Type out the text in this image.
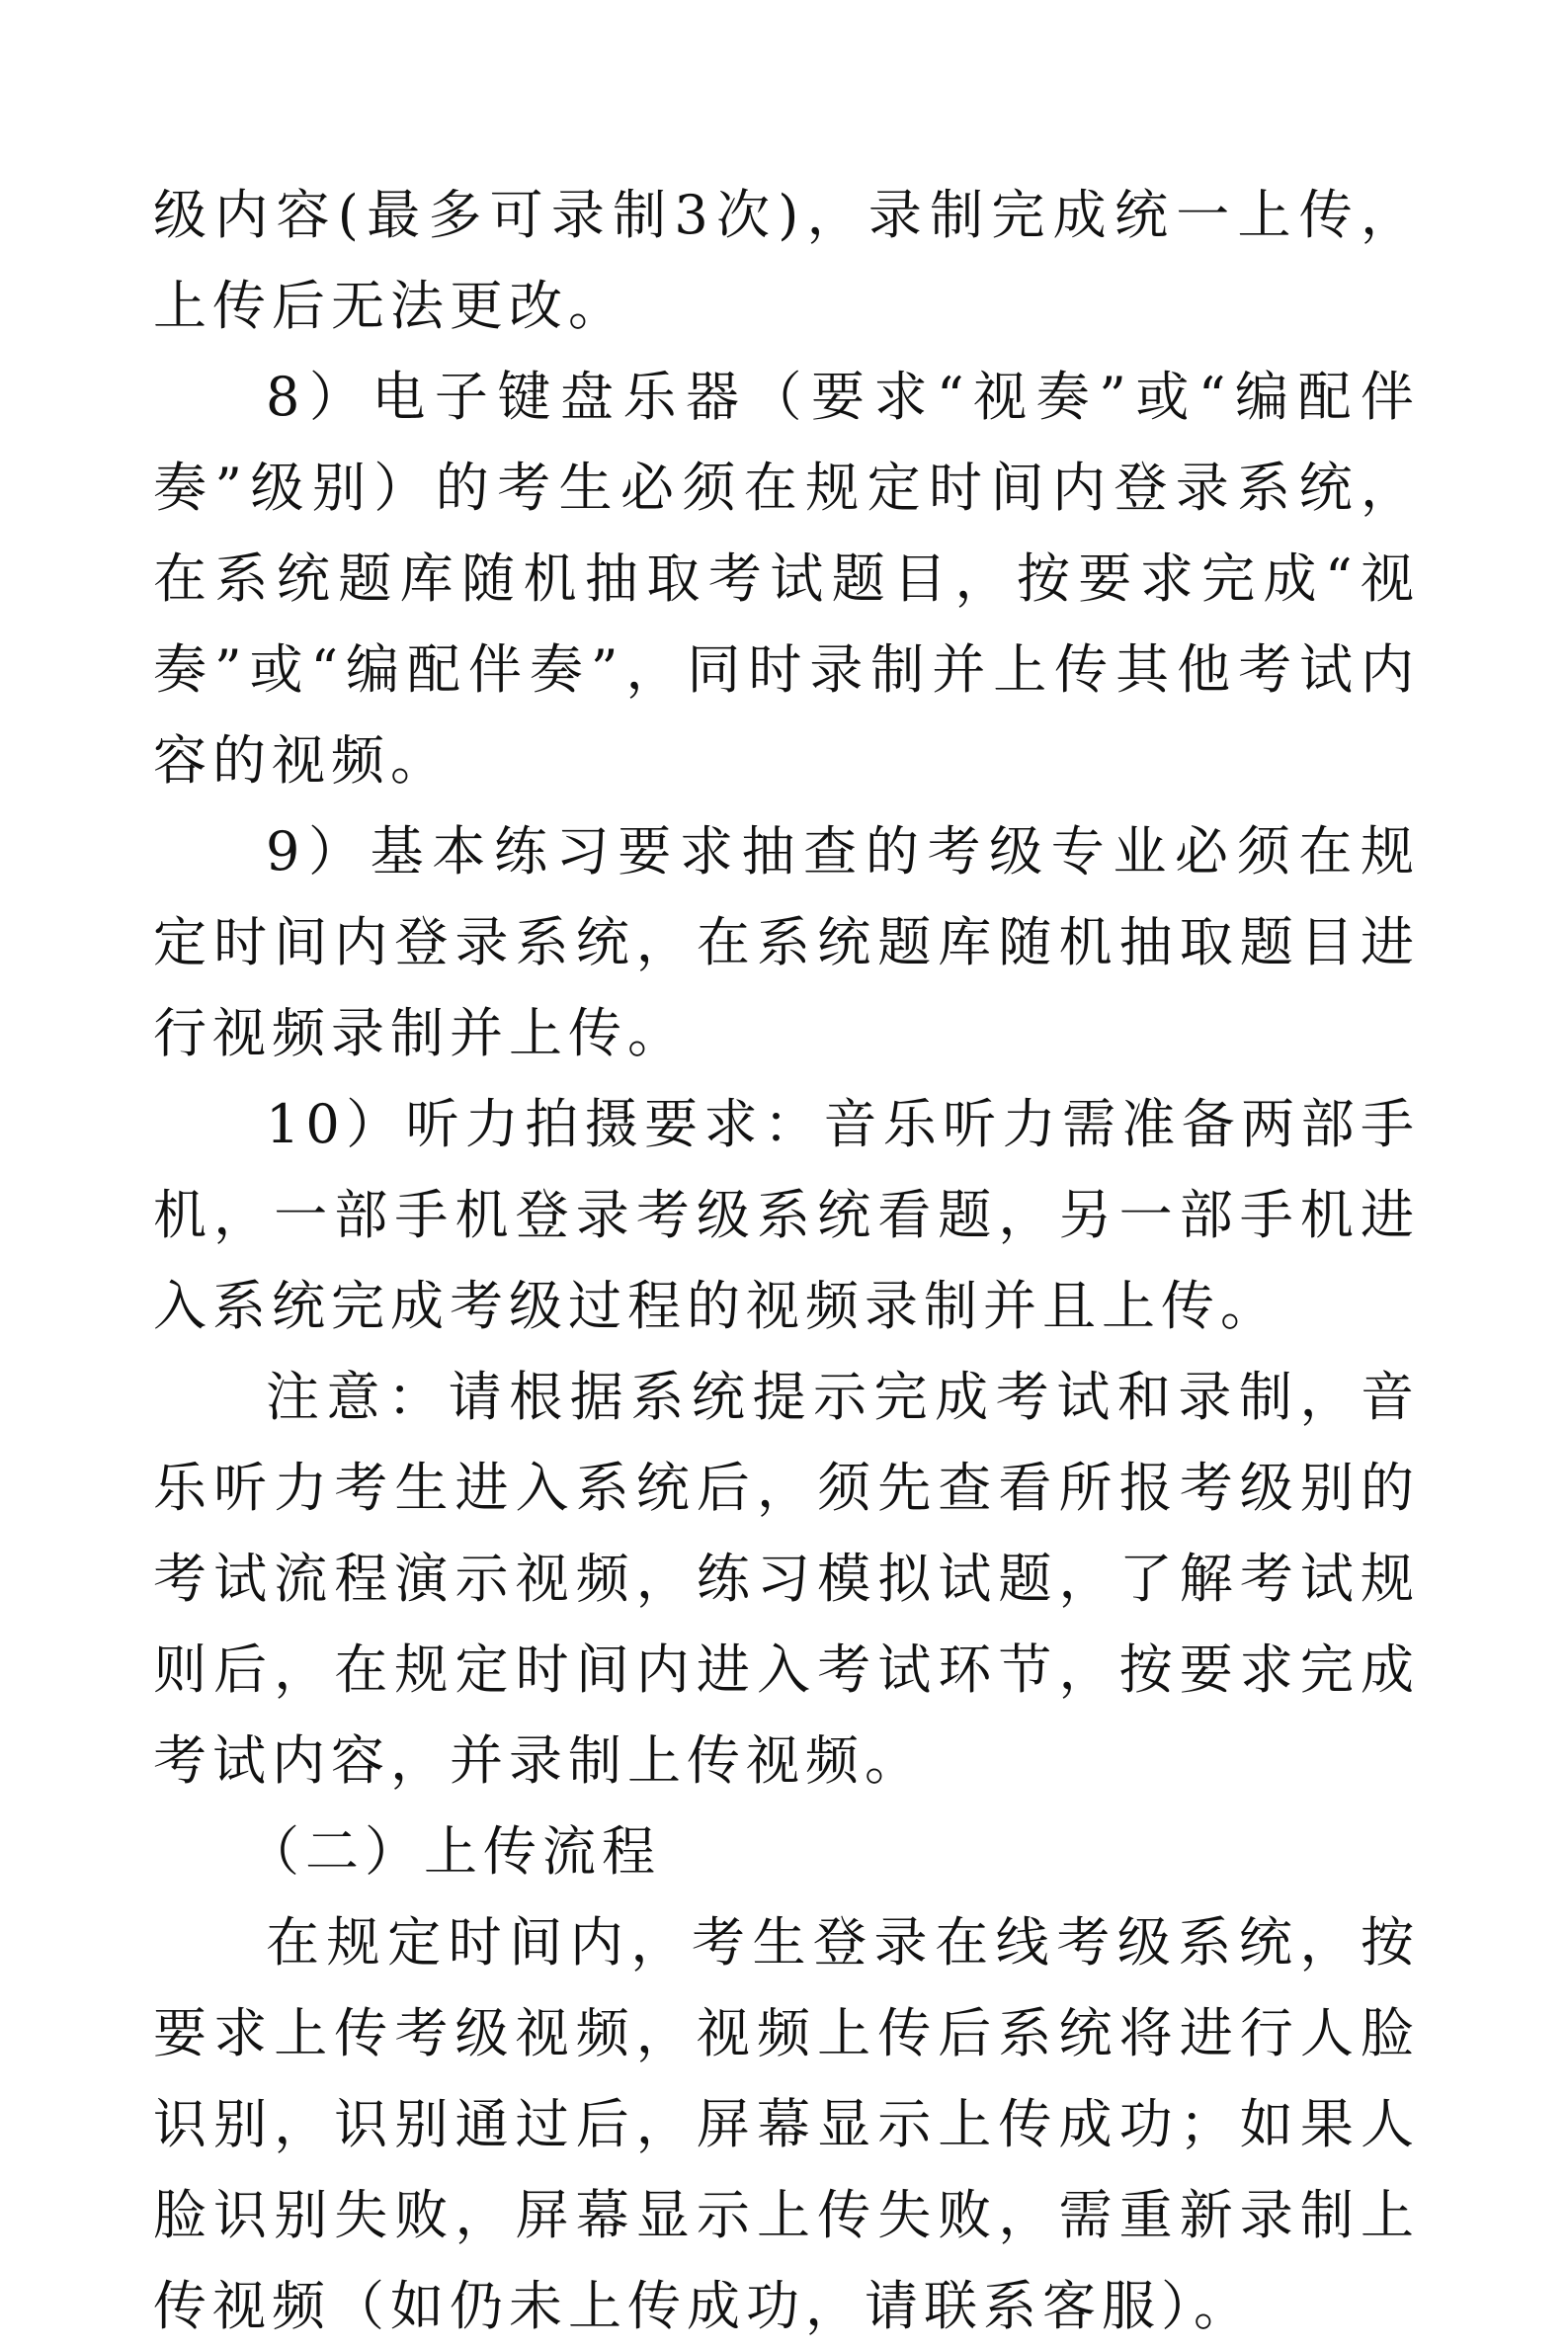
级内容(最多可录制3次)，录制完成统一上传，上传后无法更改。

8）电子键盘乐器（要求“视奏”或“编配伴奏”级别）的考生必须在规定时间内登录系统，在系统题库随机抽取考试题目，按要求完成“视奏”或“编配伴奏”，同时录制并上传其他考试内容的视频。

9）基本练习要求抽查的考级专业必须在规定时间内登录系统，在系统题库随机抽取题目进行视频录制并上传。

10）听力拍摄要求：音乐听力需准备两部手机，一部手机登录考级系统看题，另一部手机进入系统完成考级过程的视频录制并且上传。

注意：请根据系统提示完成考试和录制，音乐听力考生进入系统后，须先查看所报考级别的考试流程演示视频，练习模拟试题，了解考试规则后，在规定时间内进入考试环节，按要求完成考试内容，并录制上传视频。

（二）上传流程

在规定时间内，考生登录在线考级系统，按要求上传考级视频，视频上传后系统将进行人脸识别，识别通过后，屏幕显示上传成功；如果人脸识别失败，屏幕显示上传失败，需重新录制上传视频（如仍未上传成功，请联系客服）。
